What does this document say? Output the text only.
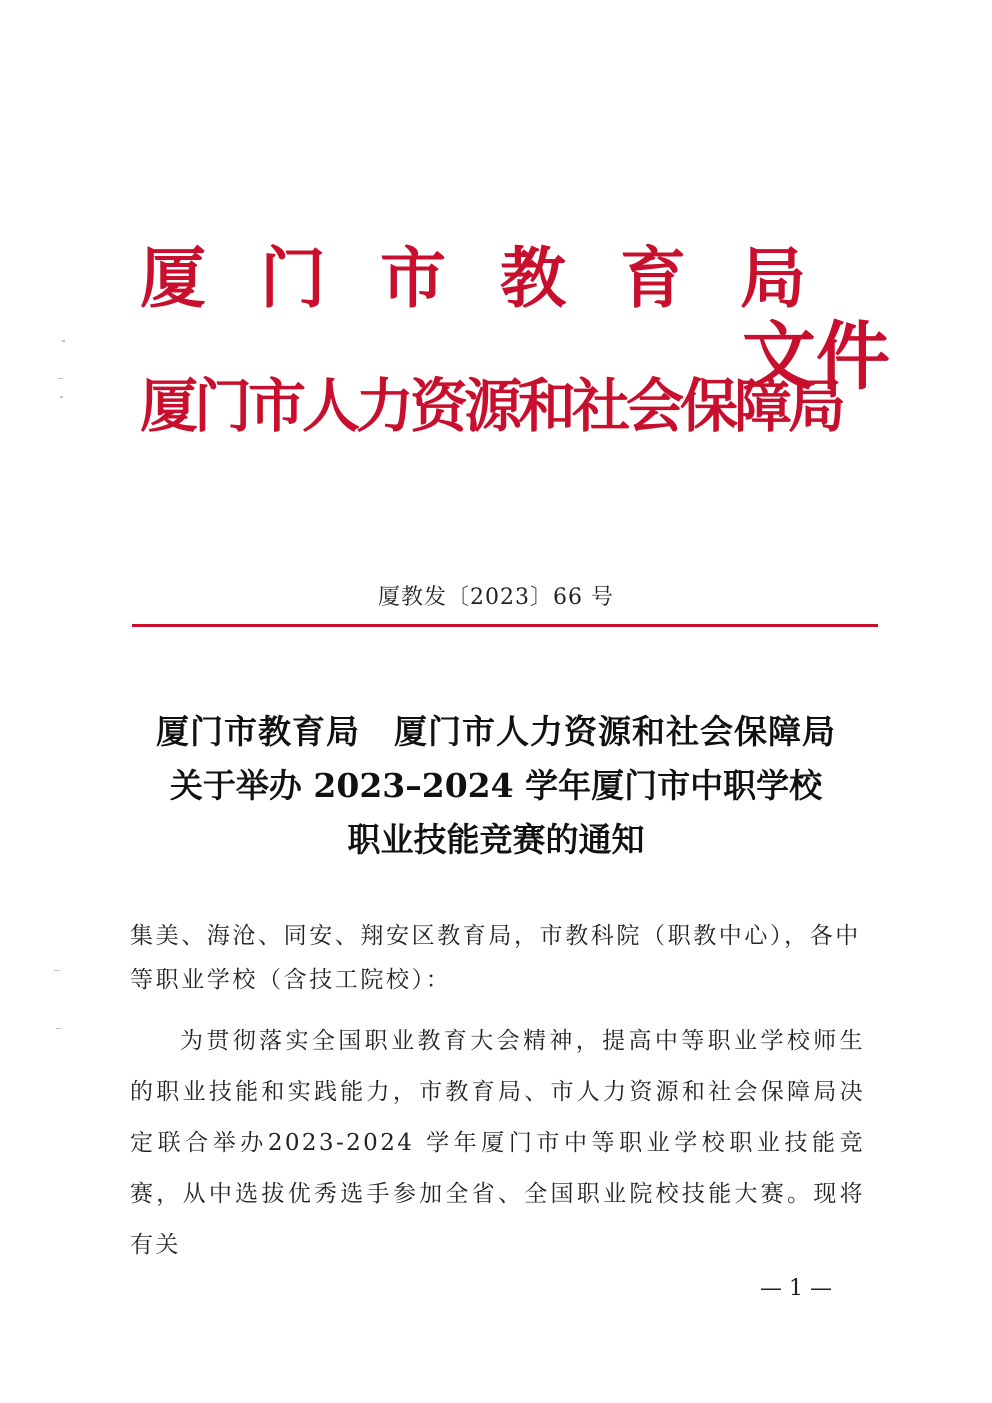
厦门市教育局
厦门市人力资源和社会保障局
文件
厦教发〔2023〕66 号
厦门市教育局　厦门市人力资源和社会保障局
关于举办 2023–2024 学年厦门市中职学校
职业技能竞赛的通知
集美、海沧、同安、翔安区教育局，市教科院（职教中心），各中等职业学校（含技工院校）：
为贯彻落实全国职业教育大会精神，提高中等职业学校师生的职业技能和实践能力，市教育局、市人力资源和社会保障局决定联合举办2023-2024 学年厦门市中等职业学校职业技能竞赛，从中选拔优秀选手参加全省、全国职业院校技能大赛。现将有关
— 1 —
